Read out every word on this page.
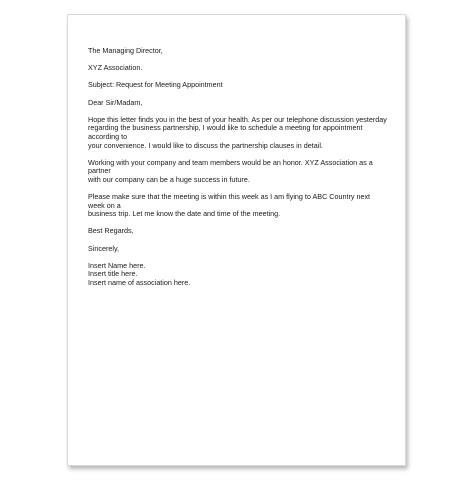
The Managing Director,

XYZ Association.

Subject: Request for Meeting Appointment

Dear Sir/Madam,

Hope this letter finds you in the best of your health. As per our telephone discussion yesterday
regarding the business partnership, I would like to schedule a meeting for appointment according to
your convenience. I would like to discuss the partnership clauses in detail.

Working with your company and team members would be an honor. XYZ Association as a partner
with our company can be a huge success in future.

Please make sure that the meeting is within this week as I am flying to ABC Country next week on a
business trip. Let me know the date and time of the meeting.

Best Regards,

Sincerely,

Insert Name here.

Insert title here.

Insert name of association here.
